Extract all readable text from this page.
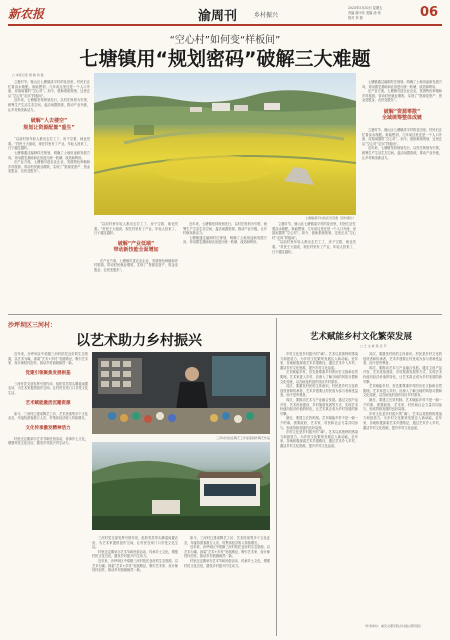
新农报	渝周刊	乡村振兴
2025年5月30日 星期五
责编 谢小东 美编 汤 荣
校对 李 燕	06
“空心村”如何变“样板间”
七塘镇用“规划密码”破解三大难题
□ 本报记者 胡 敏 刘 春
七塘镇清平村的花田景观（资料图片）

立夏时节，璧山区七塘镇清平村的花田里，村民们正忙着浇水施肥。谁能想到，几年前这里还是一个人口外流、房屋闲置的“空心村”。如今，借助系统规划，这里正从“空心村”走向“样板间”。

近年来，七塘镇坚持规划先行，以村庄规划为引领，统筹生产生活生态空间，盘活闲置资源，推动产业升级，让乡村焕发新活力。

破解“人去楼空”
规划让资源配置“重生”

“以前村里年轻人都出去打工了，房子空着，地也荒着。”村民王大姐说，现在村里有了产业，年轻人回来了，日子越过越好。

七塘镇通过编制村庄规划，明确了土地用途和发展方向，对闲置宅基地和农房进行统一收储、改造和利用。

在产业方面，七塘镇引进农业企业，发展特色种植和乡村旅游，带动村民就业增收，实现了“资源变资产、资金变股金、农民变股东”。

七塘镇通过编制村庄规划，明确了土地用途和发展方向，对闲置宅基地和农房进行统一收储、改造和利用。

在产业方面，七塘镇引进农业企业，发展特色种植和乡村旅游，带动村民就业增收，实现了“资源变资产、资金变股金、农民变股东”。

破解“资源零散”
全域统筹整体成链

立夏时节，璧山区七塘镇清平村的花田里，村民们正忙着浇水施肥。谁能想到，几年前这里还是一个人口外流、房屋闲置的“空心村”。如今，借助系统规划，这里正从“空心村”走向“样板间”。

近年来，七塘镇坚持规划先行，以村庄规划为引领，统筹生产生活生态空间，盘活闲置资源，推动产业升级，让乡村焕发新活力。

“以前村里年轻人都出去打工了，房子空着，地也荒着。”村民王大姐说，现在村里有了产业，年轻人回来了，日子越过越好。

破解“产业低端”
带动新技能全面增加

在产业方面，七塘镇引进农业企业，发展特色种植和乡村旅游，带动村民就业增收，实现了“资源变资产、资金变股金、农民变股东”。

近年来，七塘镇坚持规划先行，以村庄规划为引领，统筹生产生活生态空间，盘活闲置资源，推动产业升级，让乡村焕发新活力。

七塘镇通过编制村庄规划，明确了土地用途和发展方向，对闲置宅基地和农房进行统一收储、改造和利用。

立夏时节，璧山区七塘镇清平村的花田里，村民们正忙着浇水施肥。谁能想到，几年前这里还是一个人口外流、房屋闲置的“空心村”。如今，借助系统规划，这里正从“空心村”走向“样板间”。

“以前村里年轻人都出去打工了，房子空着，地也荒着。”村民王大姐说，现在村里有了产业，年轻人回来了，日子越过越好。

沙坪坝区三河村：
以艺术助力乡村振兴

近年来，沙坪坝区中梁镇三河村依托良好的生态资源，以艺术为媒，探索“艺术+乡村”发展路径，吸引艺术家、设计师驻村创作，推动乡村面貌焕然一新。

党建引领聚焦发展根基

三河村党支部发挥引领作用，组织党员带头腾退闲置农房，为艺术家提供创作空间，让村民在家门口享受文化生活。

艺术赋能激活沉睡资源

如今，三河村已建成陶艺工坊、艺术民宿等多个文化业态，年接待游客数万人次，村集体经济收入持续增长。

文化传承激发精神活力

村里还定期举办艺术节和民俗活动，传承乡土文化，增强村民文化自信，激发乡村振兴内生动力。

三河村村民在陶艺工作室里制作陶艺作品

三河村党支部发挥引领作用，组织党员带头腾退闲置农房，为艺术家提供创作空间，让村民在家门口享受文化生活。

村里还定期举办艺术节和民俗活动，传承乡土文化，增强村民文化自信，激发乡村振兴内生动力。

近年来，沙坪坝区中梁镇三河村依托良好的生态资源，以艺术为媒，探索“艺术+乡村”发展路径，吸引艺术家、设计师驻村创作，推动乡村面貌焕然一新。

如今，三河村已建成陶艺工坊、艺术民宿等多个文化业态，年接待游客数万人次，村集体经济收入持续增长。

近年来，沙坪坝区中梁镇三河村依托良好的生态资源，以艺术为媒，探索“艺术+乡村”发展路径，吸引艺术家、设计师驻村创作，推动乡村面貌焕然一新。

村里还定期举办艺术节和民俗活动，传承乡土文化，增强村民文化自信，激发乡村振兴内生动力。

艺术赋能乡村文化繁荣发展
□ 王 文 彬 易 克 平

乡村文化是乡村振兴的“魂”。艺术以其独特的感染力和创造力，为乡村文化繁荣发展注入新动能。近年来，各地积极探索艺术乡建路径，通过艺术介入乡村，激活乡村文化资源，提升乡村文化品质。

艺术赋能乡村，首先要尊重乡村的历史文脉和自然肌理。艺术家进入乡村，应深入了解当地的风俗习惯和文化传统，以在地化的创作回应乡村需求。

其次，要激发村民的主体意识。村民是乡村文化的创造者和传承者，艺术乡建要让村民成为参与者和受益者，而不是旁观者。

再次，要推动艺术与产业融合发展。通过文创产品开发、艺术民宿建设、乡村旅游发展等方式，实现艺术价值向经济价值的转化，让艺术真正成为乡村发展的新引擎。

最后，要建立长效机制。艺术赋能乡村不是一朝一夕的事，需要政府、艺术家、村民和社会力量共同参与，形成持续发展的良好局面。

乡村文化是乡村振兴的“魂”。艺术以其独特的感染力和创造力，为乡村文化繁荣发展注入新动能。近年来，各地积极探索艺术乡建路径，通过艺术介入乡村，激活乡村文化资源，提升乡村文化品质。

其次，要激发村民的主体意识。村民是乡村文化的创造者和传承者，艺术乡建要让村民成为参与者和受益者，而不是旁观者。

再次，要推动艺术与产业融合发展。通过文创产品开发、艺术民宿建设、乡村旅游发展等方式，实现艺术价值向经济价值的转化，让艺术真正成为乡村发展的新引擎。

艺术赋能乡村，首先要尊重乡村的历史文脉和自然肌理。艺术家进入乡村，应深入了解当地的风俗习惯和文化传统，以在地化的创作回应乡村需求。

最后，要建立长效机制。艺术赋能乡村不是一朝一夕的事，需要政府、艺术家、村民和社会力量共同参与，形成持续发展的良好局面。

乡村文化是乡村振兴的“魂”。艺术以其独特的感染力和创造力，为乡村文化繁荣发展注入新动能。近年来，各地积极探索艺术乡建路径，通过艺术介入乡村，激活乡村文化资源，提升乡村文化品质。

（作者单位：重庆文理学院乡村振兴研究院）
